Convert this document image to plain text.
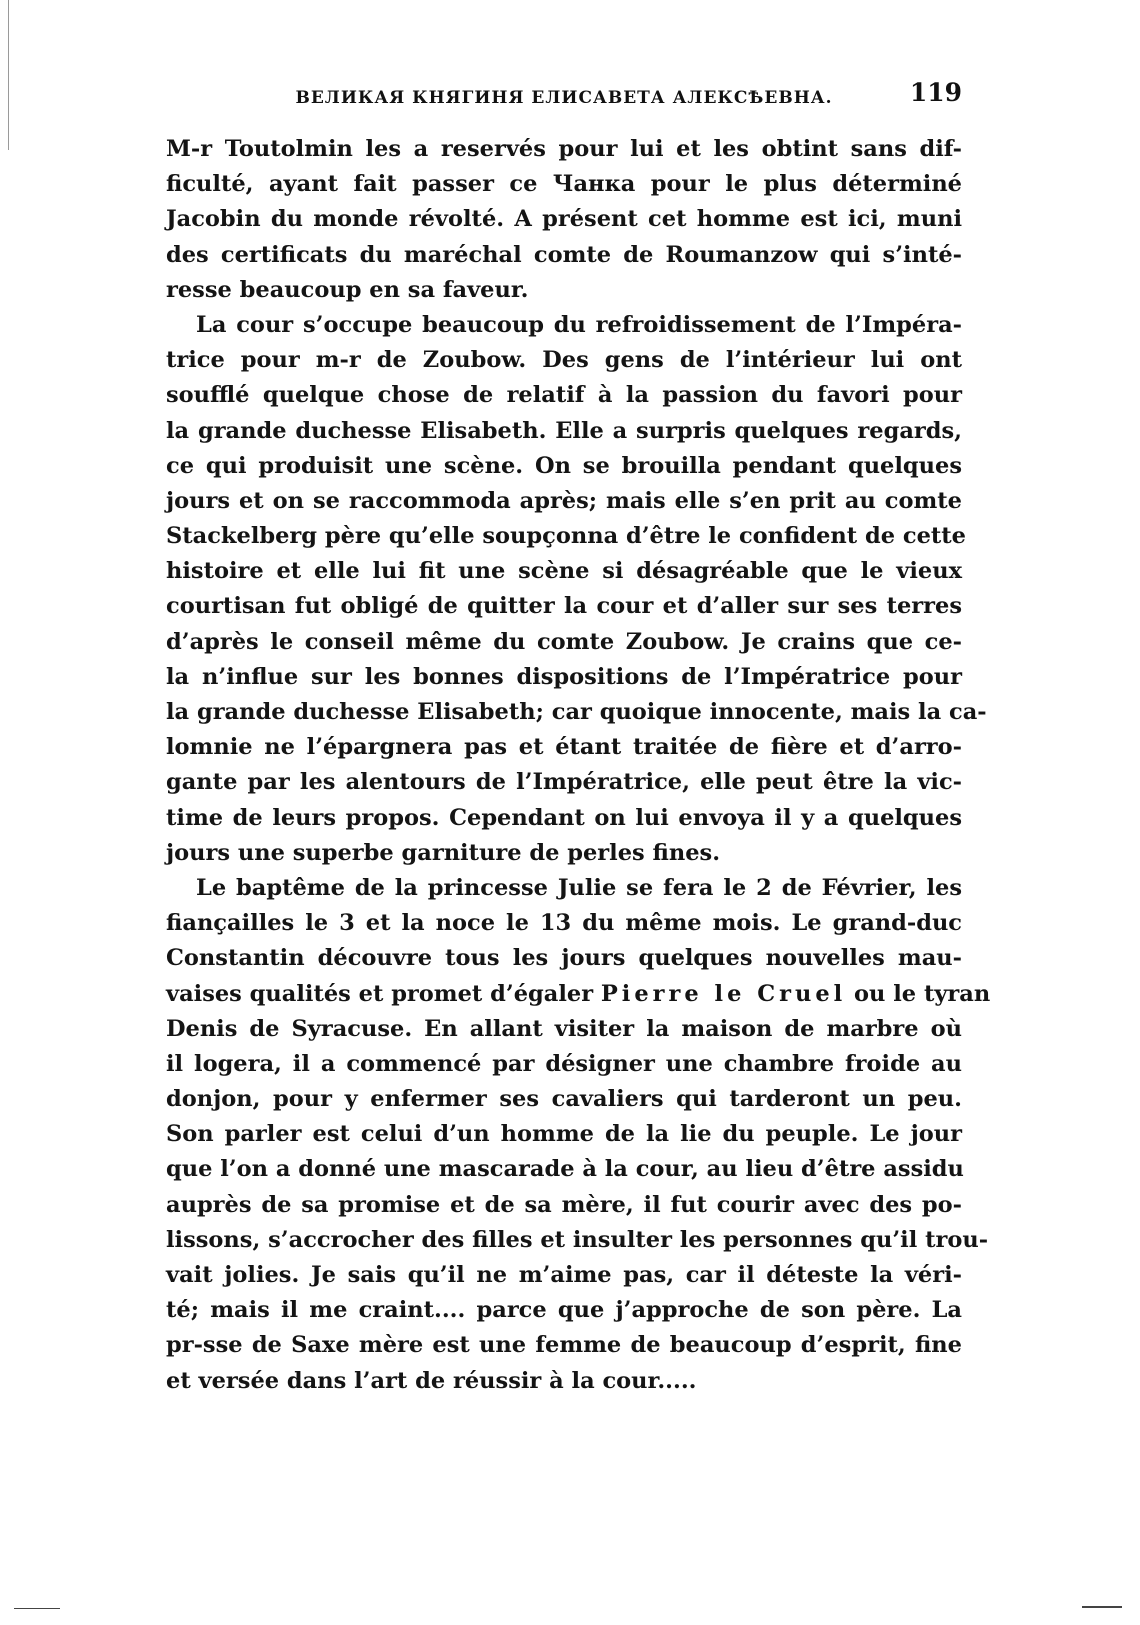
ВЕЛИКАЯ КНЯГИНЯ ЕЛИСАВЕТА АЛЕКСѢЕВНА.	119
M-r Toutolmin les a reservés pour lui et les obtint sans dif-
ficulté, ayant fait passer ce Чанка pour le plus déterminé
Jacobin du monde révolté. A présent cet homme est ici, muni
des certificats du maréchal comte de Roumanzow qui s’inté-
resse beaucoup en sa faveur.
La cour s’occupe beaucoup du refroidissement de l’Impéra-
trice pour m-r de Zoubow. Des gens de l’intérieur lui ont
soufflé quelque chose de relatif à la passion du favori pour
la grande duchesse Elisabeth. Elle a surpris quelques regards,
ce qui produisit une scène. On se brouilla pendant quelques
jours et on se raccommoda après; mais elle s’en prit au comte
Stackelberg père qu’elle soupçonna d’être le confident de cette
histoire et elle lui fit une scène si désagréable que le vieux
courtisan fut obligé de quitter la cour et d’aller sur ses terres
d’après le conseil même du comte Zoubow. Je crains que ce-
la n’influe sur les bonnes dispositions de l’Impératrice pour
la grande duchesse Elisabeth; car quoique innocente, mais la ca-
lomnie ne l’épargnera pas et étant traitée de fière et d’arro-
gante par les alentours de l’Impératrice, elle peut être la vic-
time de leurs propos. Cependant on lui envoya il y a quelques
jours une superbe garniture de perles fines.
Le baptême de la princesse Julie se fera le 2 de Février, les
fiançailles le 3 et la noce le 13 du même mois. Le grand-duc
Constantin découvre tous les jours quelques nouvelles mau-
vaises qualités et promet d’égaler Pierre le Cruel ou le tyran
Denis de Syracuse. En allant visiter la maison de marbre où
il logera, il a commencé par désigner une chambre froide au
donjon, pour y enfermer ses cavaliers qui tarderont un peu.
Son parler est celui d’un homme de la lie du peuple. Le jour
que l’on a donné une mascarade à la cour, au lieu d’être assidu
auprès de sa promise et de sa mère, il fut courir avec des po-
lissons, s’accrocher des filles et insulter les personnes qu’il trou-
vait jolies. Je sais qu’il ne m’aime pas, car il déteste la véri-
té; mais il me craint.... parce que j’approche de son père. La
pr-sse de Saxe mère est une femme de beaucoup d’esprit, fine
et versée dans l’art de réussir à la cour.....
